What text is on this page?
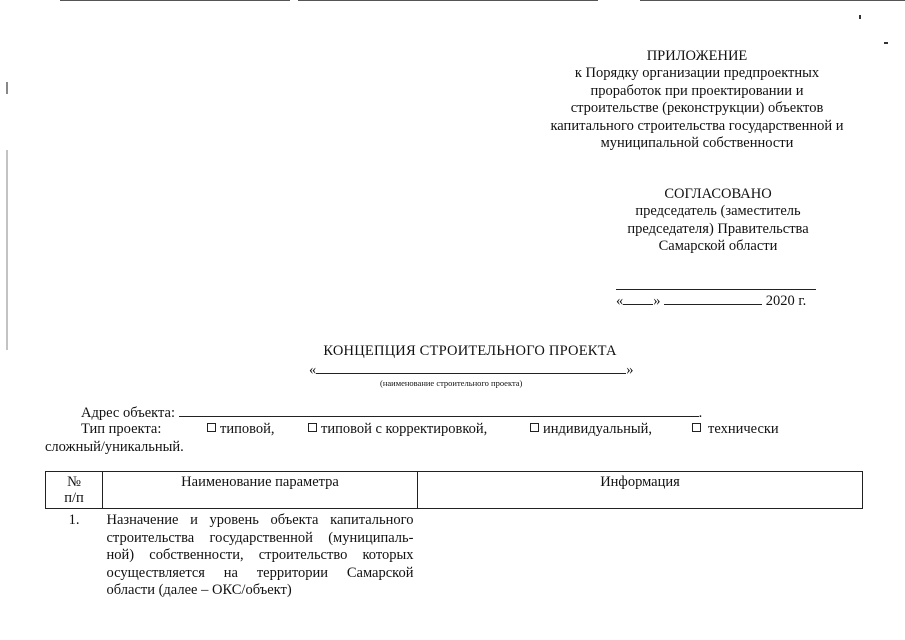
ПРИЛОЖЕНИЕ
к Порядку организации предпроектных
проработок при проектировании и
строительстве (реконструкции) объектов
капитального строительства государственной и
муниципальной собственности
СОГЛАСОВАНО
председатель (заместитель
председателя) Правительства
Самарской области
« »	2020 г.
КОНЦЕПЦИЯ СТРОИТЕЛЬНОГО ПРОЕКТА
«	»
(наименование строительного проекта)
Адрес объекта:	.
Тип проекта:	типовой,	типовой с корректировкой,	индивидуальный,	технически
сложный/уникальный.
№
п/п	Наименование параметра	Информация
1.	Назначение и уровень объекта капитального строительства государственной (муниципаль-ной) собственности, строительство которых осуществляется на территории Самарской области (далее – ОКС/объект)	
